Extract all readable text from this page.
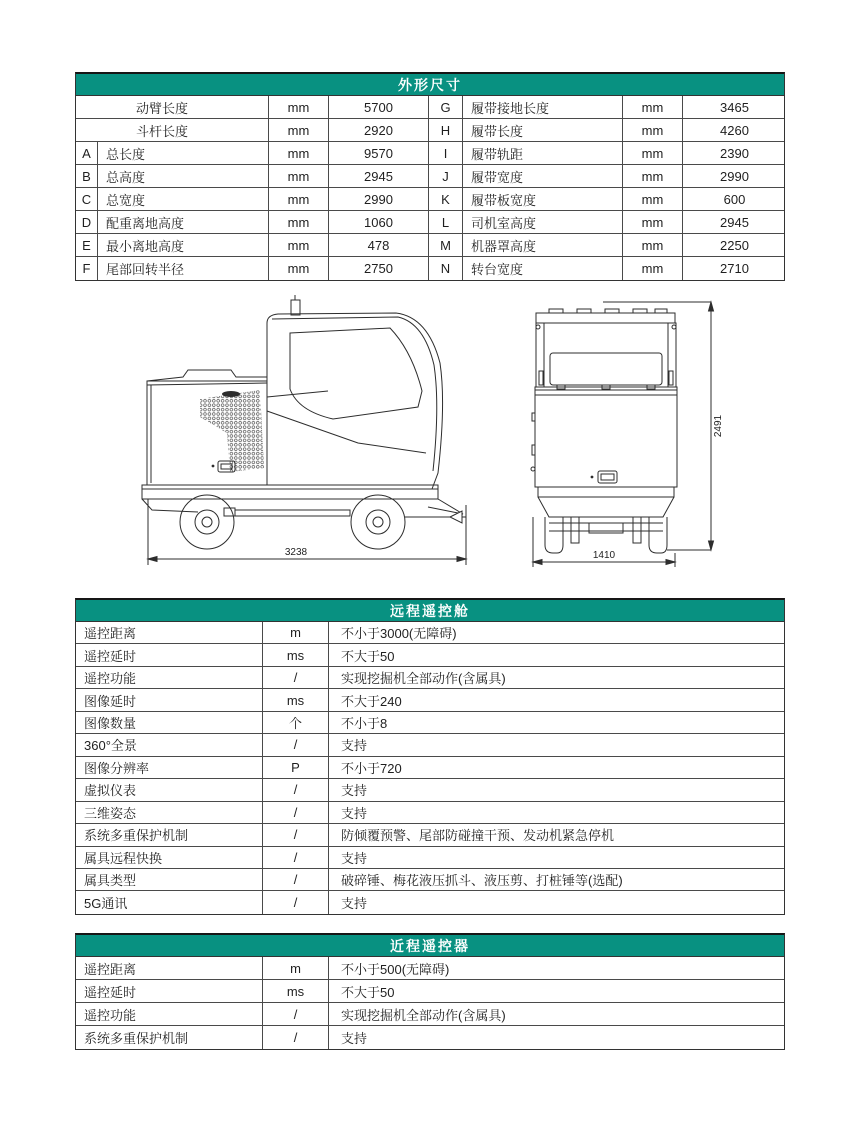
外形尺寸
动臂长度	mm	5700	G	履带接地长度	mm	3465
斗杆长度	mm	2920	H	履带长度	mm	4260
A	总长度	mm	9570	I	履带轨距	mm	2390
B	总高度	mm	2945	J	履带宽度	mm	2990
C	总宽度	mm	2990	K	履带板宽度	mm	600
D	配重离地高度	mm	1060	L	司机室高度	mm	2945
E	最小离地高度	mm	478	M	机器罩高度	mm	2250
F	尾部回转半径	mm	2750	N	转台宽度	mm	2710
3238
2491
1410
远程遥控舱
遥控距离	m	不小于3000(无障碍)
遥控延时	ms	不大于50
遥控功能	/	实现挖掘机全部动作(含属具)
图像延时	ms	不大于240
图像数量	个	不小于8
360°全景	/	支持
图像分辨率	P	不小于720
虚拟仪表	/	支持
三维姿态	/	支持
系统多重保护机制	/	防倾覆预警、尾部防碰撞干预、发动机紧急停机
属具远程快换	/	支持
属具类型	/	破碎锤、梅花液压抓斗、液压剪、打桩锤等(选配)
5G通讯	/	支持
近程遥控器
遥控距离	m	不小于500(无障碍)
遥控延时	ms	不大于50
遥控功能	/	实现挖掘机全部动作(含属具)
系统多重保护机制	/	支持
